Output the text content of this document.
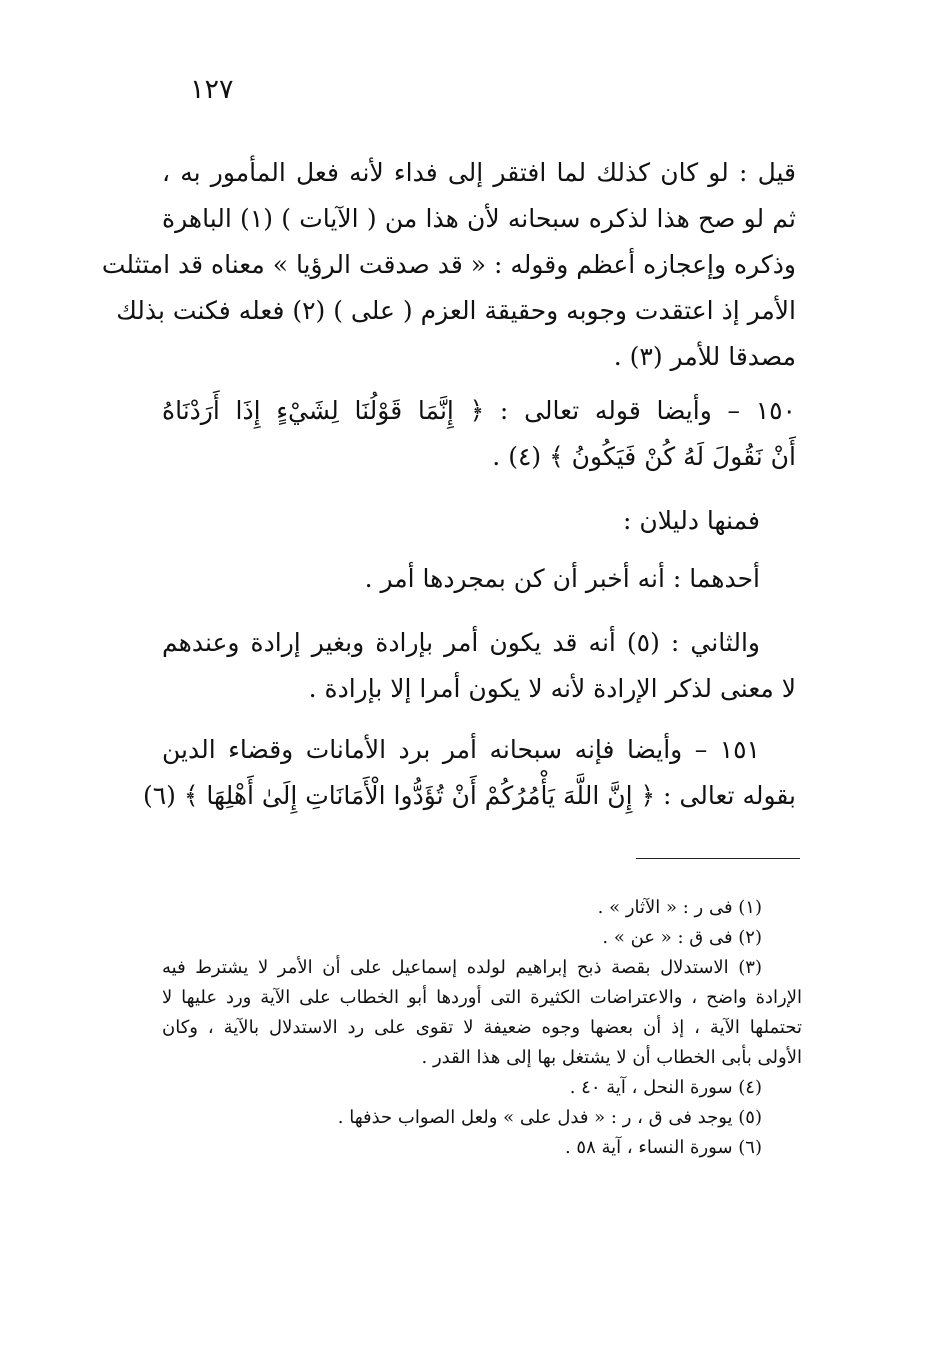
١٢٧
قيل : لو كان كذلك لما افتقر إلى فداء لأنه فعل المأمور به ،
ثم لو صح هذا لذكره سبحانه لأن هذا من ( الآيات ) (١) الباهرة
وذكره وإعجازه أعظم وقوله : « قد صدقت الرؤيا » معناه قد امتثلت
الأمر إذ اعتقدت وجوبه وحقيقة العزم ( على ) (٢) فعله فكنت بذلك
مصدقا للأمر (٣) .
١٥٠ – وأيضا قوله تعالى : ﴿ إِنَّمَا قَوْلُنَا لِشَيْءٍ إِذَا أَرَدْنَاهُ
أَنْ نَقُولَ لَهُ كُنْ فَيَكُونُ ﴾ (٤) .
فمنها دليلان :
أحدهما : أنه أخبر أن كن بمجردها أمر .
والثاني : (٥) أنه قد يكون أمر بإرادة وبغير إرادة وعندهم
لا معنى لذكر الإرادة لأنه لا يكون أمرا إلا بإرادة .
١٥١ – وأيضا فإنه سبحانه أمر برد الأمانات وقضاء الدين
بقوله تعالى : ﴿ إِنَّ اللَّهَ يَأْمُرُكُمْ أَنْ تُؤَدُّوا الْأَمَانَاتِ إِلَىٰ أَهْلِهَا ﴾ (٦)
(١) فى ر : « الآثار » .
(٢) فى ق : « عن » .
(٣) الاستدلال بقصة ذبح إبراهيم لولده إسماعيل على أن الأمر لا يشترط فيه
الإرادة واضح ، والاعتراضات الكثيرة التى أوردها أبو الخطاب على الآية ورد عليها لا
تحتملها الآية ، إذ أن بعضها وجوه ضعيفة لا تقوى على رد الاستدلال بالآية ، وكان
الأولى بأبى الخطاب أن لا يشتغل بها إلى هذا القدر .
(٤) سورة النحل ، آية ٤٠ .
(٥) يوجد فى ق ، ر : « فدل على » ولعل الصواب حذفها .
(٦) سورة النساء ، آية ٥٨ .
